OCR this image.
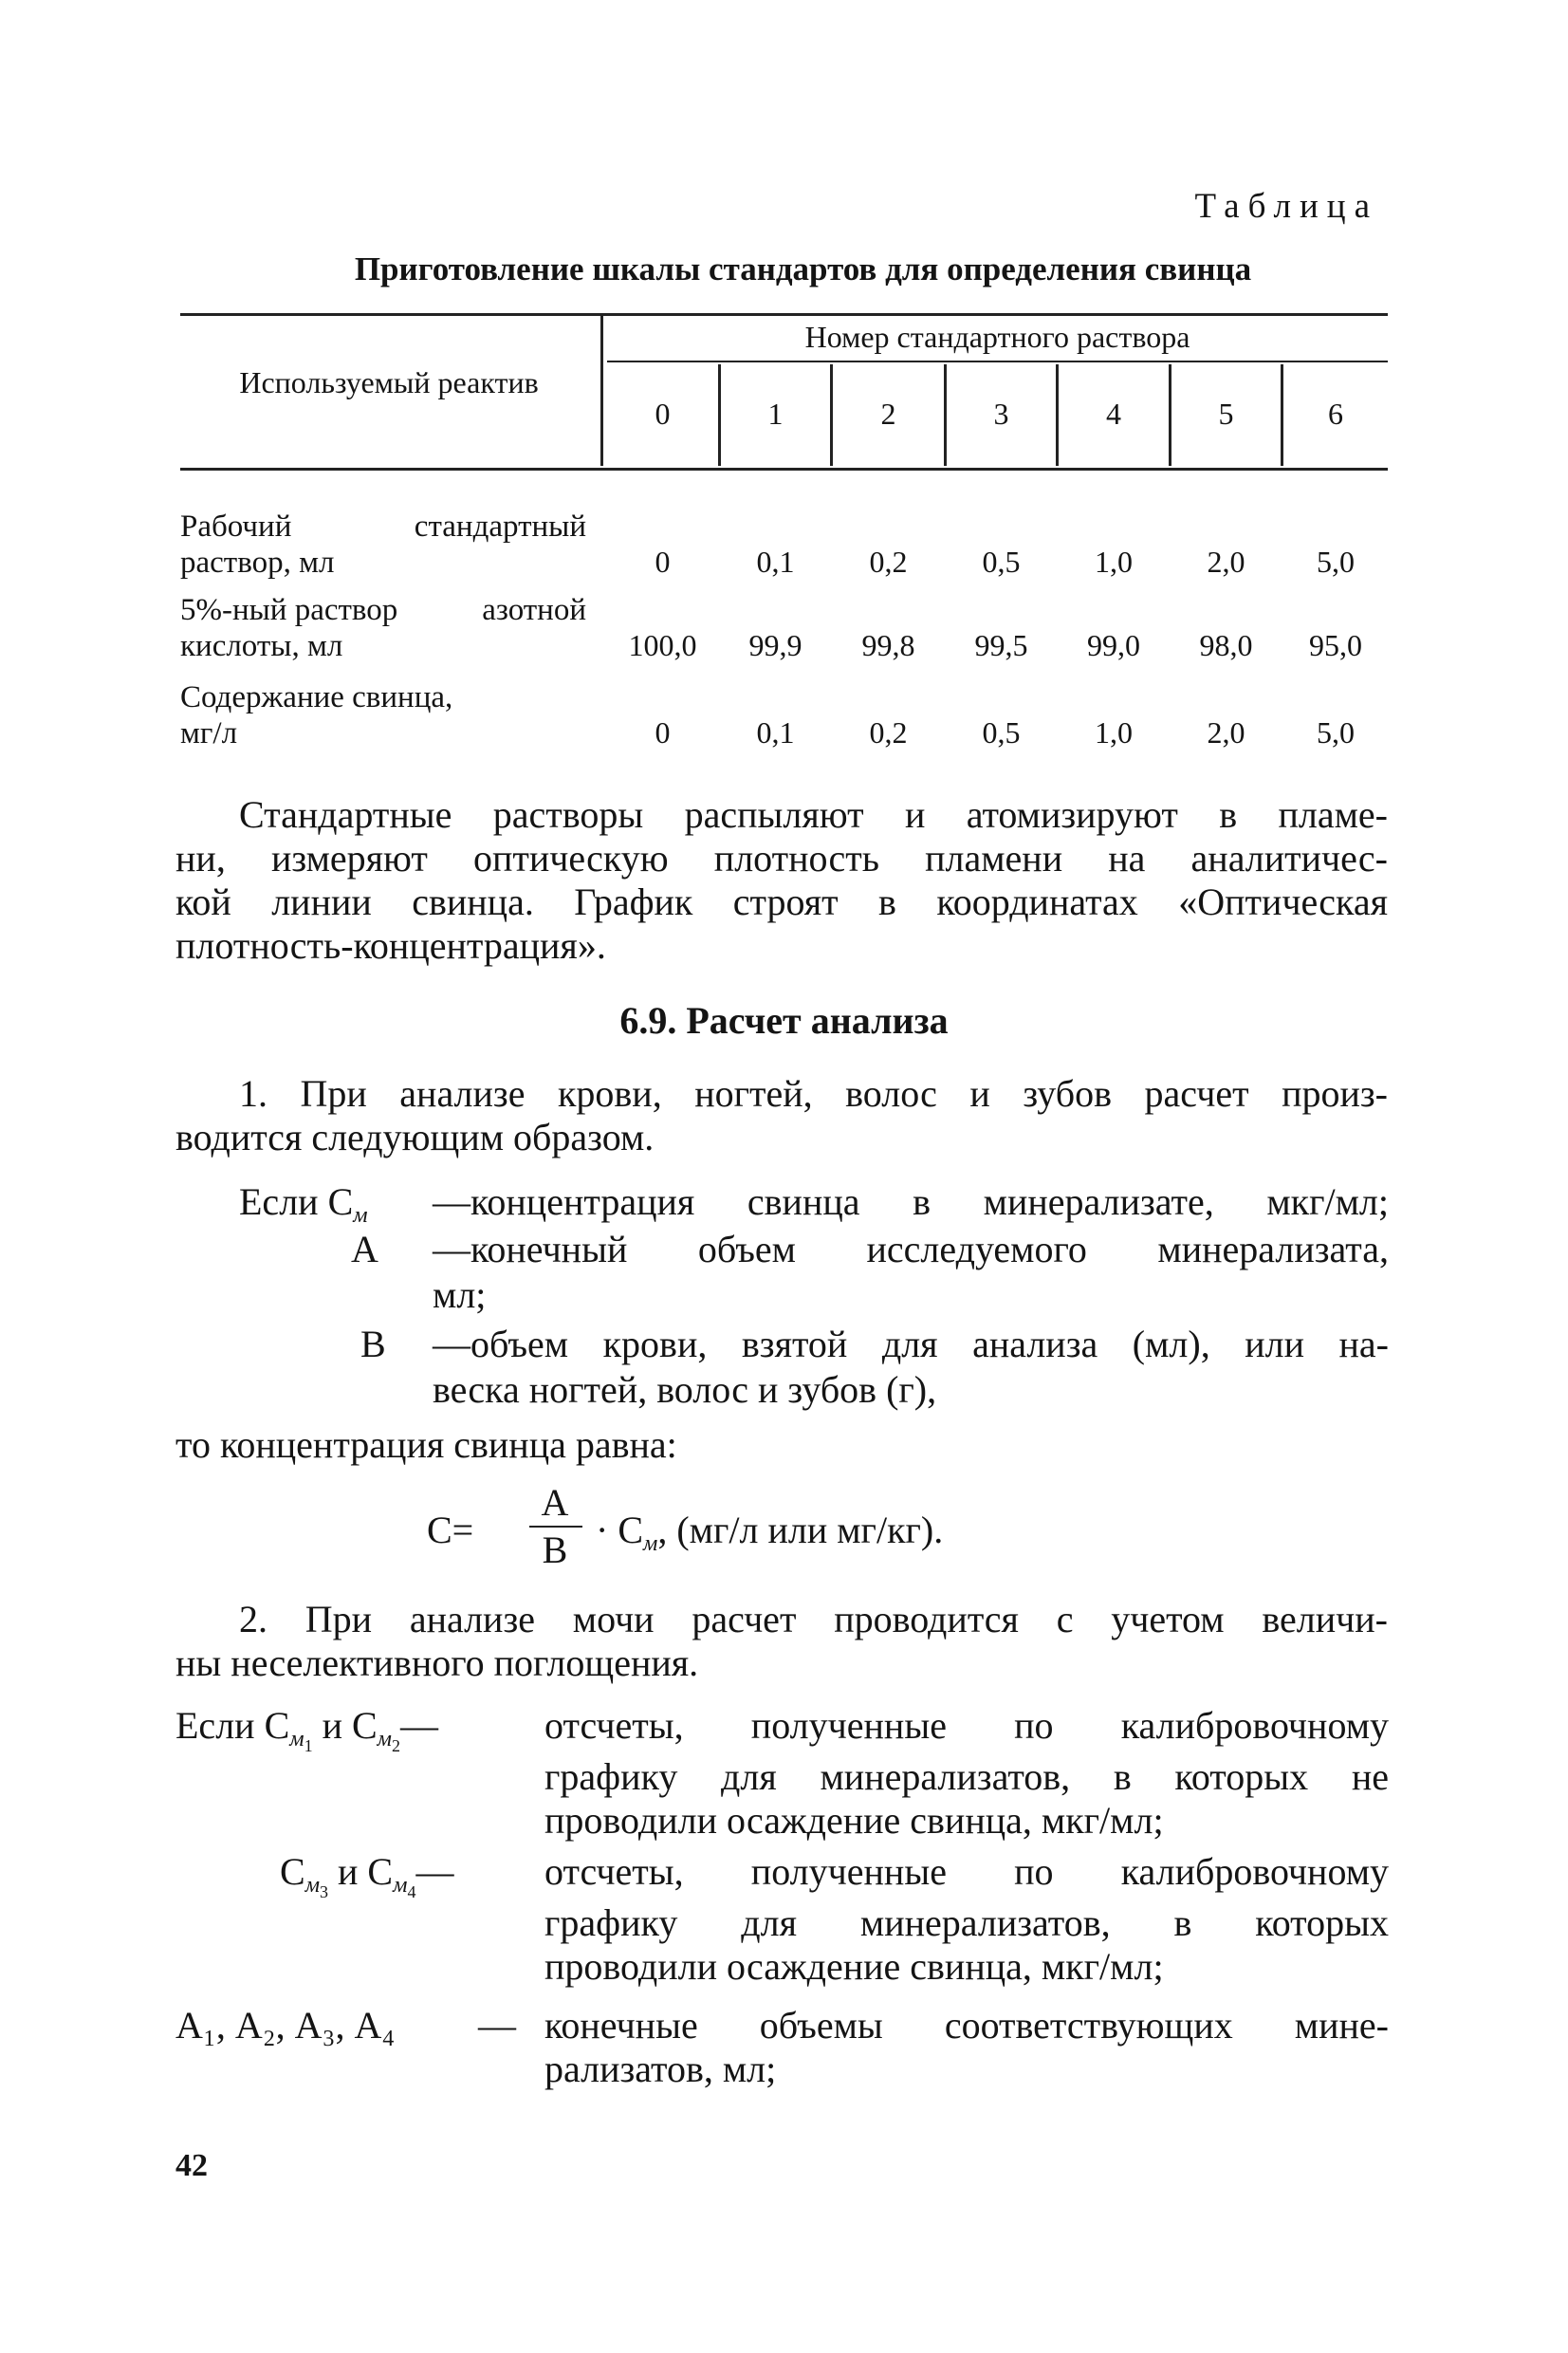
Таблица
Приготовление шкалы стандартов для определения свинца
Используемый реактив
Номер стандартного раствора
0	1	2	3	4	5	6
Рабочий	стандартный
раствор, мл	0	0,1	0,2	0,5	1,0	2,0	5,0
5%-ный раствор	азотной
кислоты, мл	100,0	99,9	99,8	99,5	99,0	98,0	95,0
Содержание свинца,
мг/л	0	0,1	0,2	0,5	1,0	2,0	5,0
Стандартные растворы распыляют и атомизируют в пламе-
ни, измеряют оптическую плотность пламени на аналитичес-
кой линии свинца. График строят в координатах «Оптическая
плотность-концентрация».
6.9. Расчет анализа
1. При анализе крови, ногтей, волос и зубов расчет произ-
водится следующим образом.
Если $С_м$ — концентрация свинца в минерализате, мкг/мл;
А — конечный объем исследуемого минерализата,
мл;
В — объем крови, взятой для анализа (мл), или на-
веска ногтей, волос и зубов (г),
то концентрация свинца равна:
С=
А
$В \cdot С_м$, (мг/л или мг/кг).
2. При анализе мочи расчет проводится с учетом величи-
ны неселективного поглощения.
Если $С_{м1}$ и $С_{м2}—$	отсчеты, полученные по калибровочному
графику для минерализатов, в которых не
проводили осаждение свинца, мкг/мл;
$С_{м3}$ и $С_{м4}—$ отсчеты, полученные по калибровочному
графику для минерализатов, в которых
проводили осаждение свинца, мкг/мл;
А₁, А₂, А₃, А₄ — конечные объемы соответствующих мине-
рализатов, мл;
42
